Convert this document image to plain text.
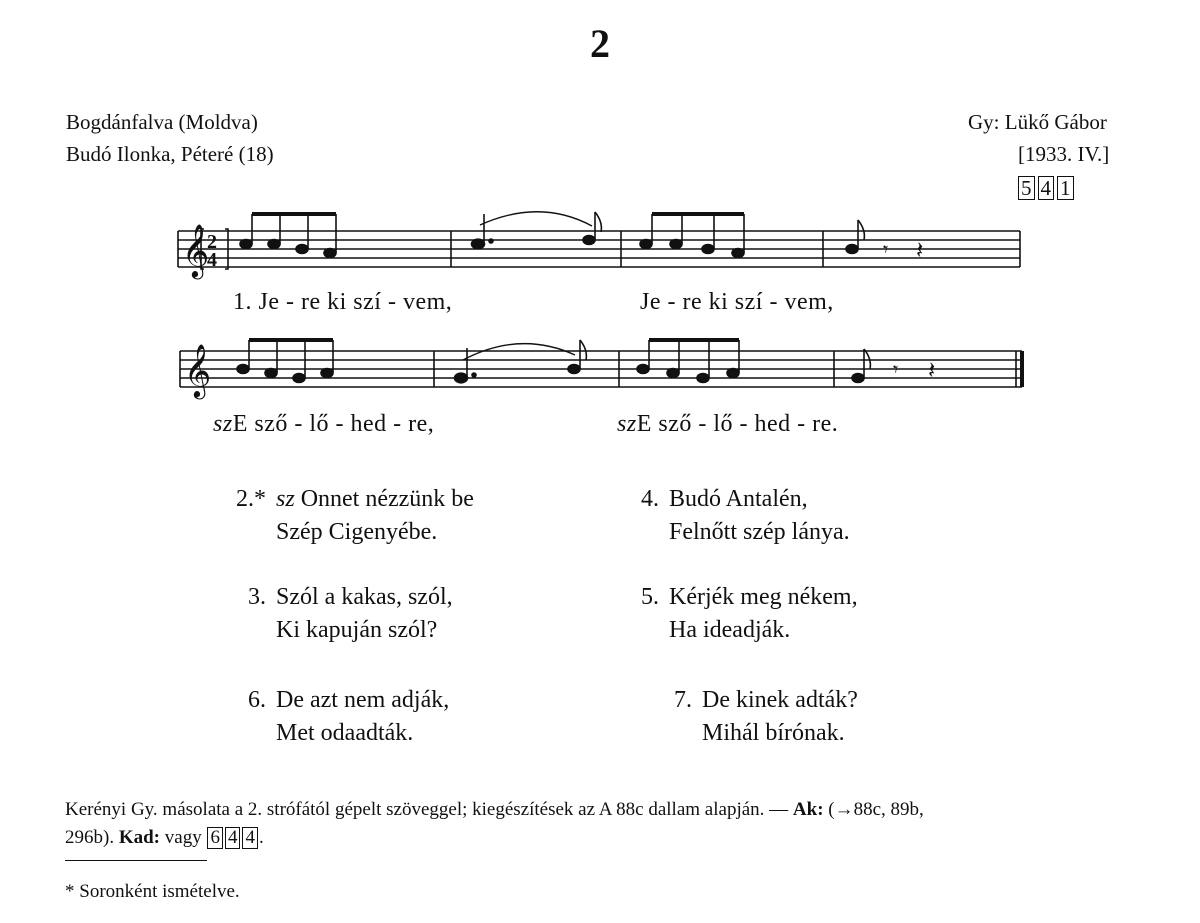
2
Bogdánfalva (Moldva)
Budó Ilonka, Péteré (18)
Gy: Lükő Gábor
[1933. IV.]
5 4 1
𝄞
2
4	𝄾 𝄽
𝄞	𝄾 𝄽
1. Je - re ki szí - vem,	Je - re ki szí - vem,
szE sző - lő - hed - re,	szE sző - lő - hed - re.
2.* sz Onnet nézzünk be
Szép Cigenyébe.
3. Szól a kakas, szól,
Ki kapuján szól?
6. De azt nem adják,
Met odaadták.
4. Budó Antalén,
Felnőtt szép lánya.
5. Kérjék meg nékem,
Ha ideadják.
7. De kinek adták?
Mihál bírónak.
Kerényi Gy. másolata a 2. strófától gépelt szöveggel; kiegészítések az A 88c dallam alapján. — Ak: (→88c, 89b,
296b). Kad: vagy 6 4 4 .
* Soronként ismételve.
